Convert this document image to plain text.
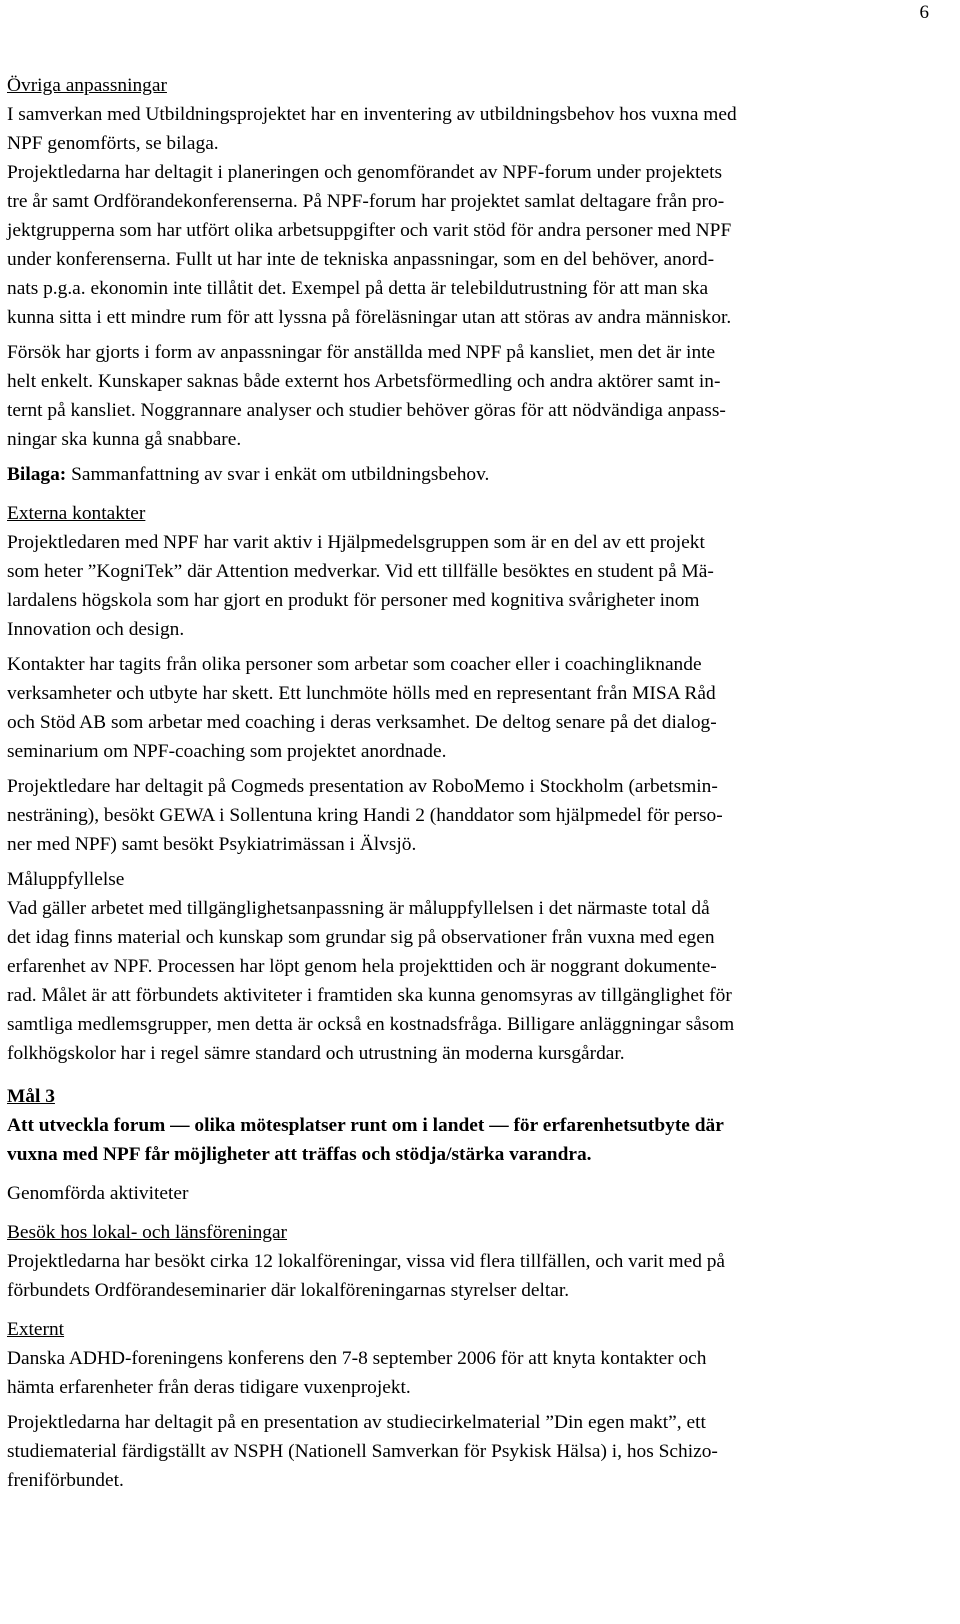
6

Övriga anpassningar

I samverkan med Utbildningsprojektet har en inventering av utbildningsbehov hos vuxna med
NPF genomförts, se bilaga.
Projektledarna har deltagit i planeringen och genomförandet av NPF-forum under projektets
tre år samt Ordförandekonferenserna. På NPF-forum har projektet samlat deltagare från pro-
jektgrupperna som har utfört olika arbetsuppgifter och varit stöd för andra personer med NPF
under konferenserna. Fullt ut har inte de tekniska anpassningar, som en del behöver, anord-
nats p.g.a. ekonomin inte tillåtit det. Exempel på detta är telebildutrustning för att man ska
kunna sitta i ett mindre rum för att lyssna på föreläsningar utan att störas av andra människor.

Försök har gjorts i form av anpassningar för anställda med NPF på kansliet, men det är inte
helt enkelt. Kunskaper saknas både externt hos Arbetsförmedling och andra aktörer samt in-
ternt på kansliet. Noggrannare analyser och studier behöver göras för att nödvändiga anpass-
ningar ska kunna gå snabbare.

Bilaga: Sammanfattning av svar i enkät om utbildningsbehov.

Externa kontakter

Projektledaren med NPF har varit aktiv i Hjälpmedelsgruppen som är en del av ett projekt
som heter ”KogniTek” där Attention medverkar. Vid ett tillfälle besöktes en student på Mä-
lardalens högskola som har gjort en produkt för personer med kognitiva svårigheter inom
Innovation och design.

Kontakter har tagits från olika personer som arbetar som coacher eller i coachingliknande
verksamheter och utbyte har skett. Ett lunchmöte hölls med en representant från MISA Råd
och Stöd AB som arbetar med coaching i deras verksamhet. De deltog senare på det dialog-
seminarium om NPF-coaching som projektet anordnade.

Projektledare har deltagit på Cogmeds presentation av RoboMemo i Stockholm (arbetsmin-
nesträning), besökt GEWA i Sollentuna kring Handi 2 (handdator som hjälpmedel för perso-
ner med NPF) samt besökt Psykiatrimässan i Älvsjö.

Måluppfyllelse

Vad gäller arbetet med tillgänglighetsanpassning är måluppfyllelsen i det närmaste total då
det idag finns material och kunskap som grundar sig på observationer från vuxna med egen
erfarenhet av NPF. Processen har löpt genom hela projekttiden och är noggrant dokumente-
rad. Målet är att förbundets aktiviteter i framtiden ska kunna genomsyras av tillgänglighet för
samtliga medlemsgrupper, men detta är också en kostnadsfråga. Billigare anläggningar såsom
folkhögskolor har i regel sämre standard och utrustning än moderna kursgårdar.

Mål 3

Att utveckla forum — olika mötesplatser runt om i landet — för erfarenhetsutbyte där
vuxna med NPF får möjligheter att träffas och stödja/stärka varandra.

Genomförda aktiviteter

Besök hos lokal- och länsföreningar

Projektledarna har besökt cirka 12 lokalföreningar, vissa vid flera tillfällen, och varit med på
förbundets Ordförandeseminarier där lokalföreningarnas styrelser deltar.

Externt

Danska ADHD-foreningens konferens den 7-8 september 2006 för att knyta kontakter och
hämta erfarenheter från deras tidigare vuxenprojekt.

Projektledarna har deltagit på en presentation av studiecirkelmaterial ”Din egen makt”, ett
studiematerial färdigställt av NSPH (Nationell Samverkan för Psykisk Hälsa) i, hos Schizo-
freniförbundet.
